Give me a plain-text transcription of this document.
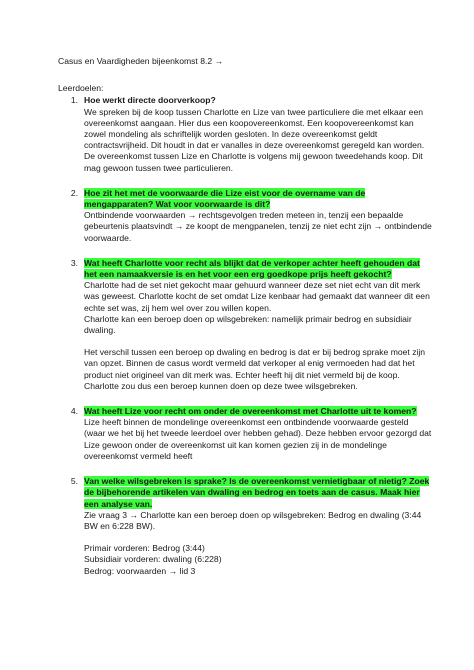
Casus en Vaardigheden bijeenkomst 8.2 →
Leerdoelen:
1. Hoe werkt directe doorverkoop?

We spreken bij de koop tussen Charlotte en Lize van twee particuliere die met elkaar een overeenkomst aangaan. Hier dus een koopovereenkomst. Een koopovereenkomst kan zowel mondeling als schriftelijk worden gesloten. In deze overeenkomst geldt contractsvrijheid. Dit houdt in dat er vanalles in deze overeenkomst geregeld kan worden.

De overeenkomst tussen Lize en Charlotte is volgens mij gewoon tweedehands koop. Dit mag gewoon tussen twee particulieren.

2. Hoe zit het met de voorwaarde die Lize eist voor de overname van de mengapparaten? Wat voor voorwaarde is dit?

Ontbindende voorwaarden → rechtsgevolgen treden meteen in, tenzij een bepaalde gebeurtenis plaatsvindt → ze koopt de mengpanelen, tenzij ze niet echt zijn → ontbindende voorwaarde.

3. Wat heeft Charlotte voor recht als blijkt dat de verkoper achter heeft gehouden dat het een namaakversie is en het voor een erg goedkope prijs heeft gekocht?

Charlotte had de set niet gekocht maar gehuurd wanneer deze set niet echt van dit merk was geweest. Charlotte kocht de set omdat Lize kenbaar had gemaakt dat wanneer dit een echte set was, zij hem wel over zou willen kopen.

Charlotte kan een beroep doen op wilsgebreken: namelijk primair bedrog en subsidiair dwaling.

Het verschil tussen een beroep op dwaling en bedrog is dat er bij bedrog sprake moet zijn van opzet. Binnen de casus wordt vermeld dat verkoper al enig vermoeden had dat het product niet origineel van dit merk was. Echter heeft hij dit niet vermeld bij de koop. Charlotte zou dus een beroep kunnen doen op deze twee wilsgebreken.

4. Wat heeft Lize voor recht om onder de overeenkomst met Charlotte uit te komen?

Lize heeft binnen de mondelinge overeenkomst een ontbindende voorwaarde gesteld (waar we het bij het tweede leerdoel over hebben gehad). Deze hebben ervoor gezorgd dat Lize gewoon onder de overeenkomst uit kan komen gezien zij in de mondelinge overeenkomst vermeld heeft

5. Van welke wilsgebreken is sprake? Is de overeenkomst vernietigbaar of nietig? Zoek de bijbehorende artikelen van dwaling en bedrog en toets aan de casus. Maak hier een analyse van.

Zie vraag 3 → Charlotte kan een beroep doen op wilsgebreken: Bedrog en dwaling (3:44 BW en 6:228 BW).

Primair vorderen: Bedrog (3:44)

Subsidiair vorderen: dwaling (6:228)

Bedrog: voorwaarden → lid 3
